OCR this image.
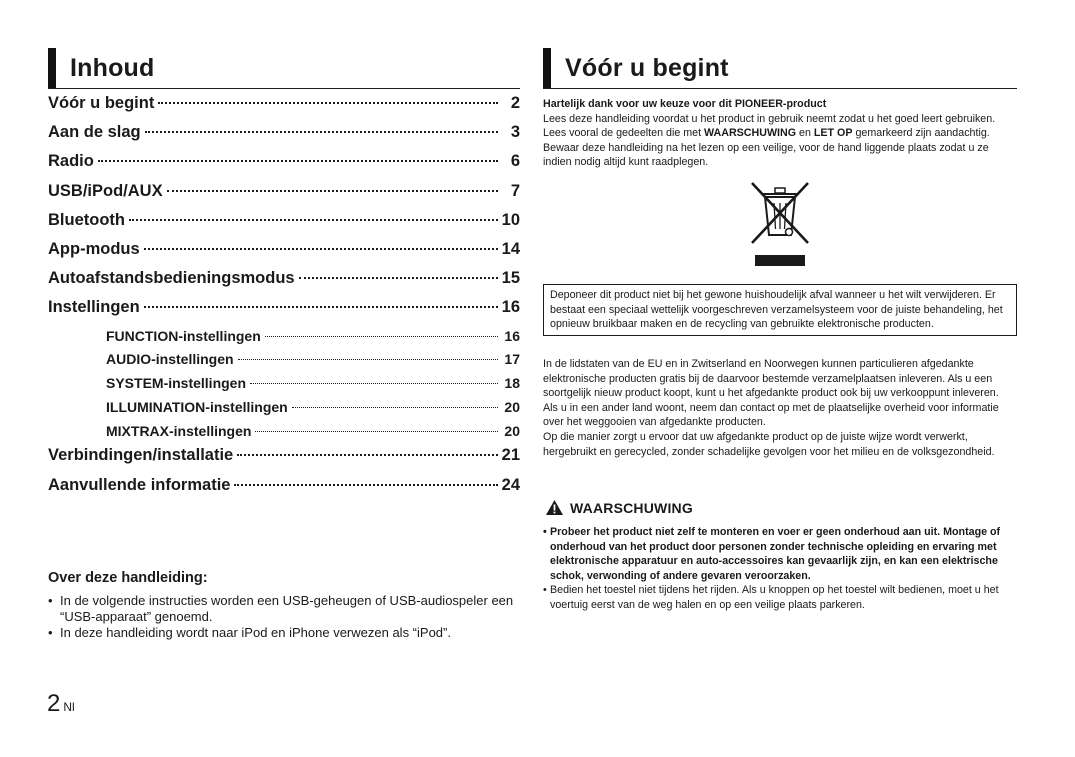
Inhoud
Vóór u begint	2
Aan de slag	3
Radio	6
USB/iPod/AUX	7
Bluetooth	10
App-modus	14
Autoafstandsbedieningsmodus	15
Instellingen	16
FUNCTION-instellingen	16
AUDIO-instellingen	17
SYSTEM-instellingen	18
ILLUMINATION-instellingen	20
MIXTRAX-instellingen	20
Verbindingen/installatie	21
Aanvullende informatie	24
Over deze handleiding:
• In de volgende instructies worden een USB-geheugen of USB-audiospeler een “USB-apparaat” genoemd.
• In deze handleiding wordt naar iPod en iPhone verwezen als “iPod”.
2 Nl
Vóór u begint

Hartelijk dank voor uw keuze voor dit PIONEER-product

Lees deze handleiding voordat u het product in gebruik neemt zodat u het goed leert gebruiken. Lees vooral de gedeelten die met WAARSCHUWING en LET OP gemarkeerd zijn aandachtig. Bewaar deze handleiding na het lezen op een veilige, voor de hand liggende plaats zodat u ze indien nodig altijd kunt raadplegen.

Deponeer dit product niet bij het gewone huishoudelijk afval wanneer u het wilt verwijderen. Er bestaat een speciaal wettelijk voorgeschreven verzamelsysteem voor de juiste behandeling, het opnieuw bruikbaar maken en de recycling van gebruikte elektronische producten.

In de lidstaten van de EU en in Zwitserland en Noorwegen kunnen particulieren afgedankte elektronische producten gratis bij de daarvoor bestemde verzamelplaatsen inleveren. Als u een soortgelijk nieuw product koopt, kunt u het afgedankte product ook bij uw verkooppunt inleveren.

Als u in een ander land woont, neem dan contact op met de plaatselijke overheid voor informatie over het weggooien van afgedankte producten.

Op die manier zorgt u ervoor dat uw afgedankte product op de juiste wijze wordt verwerkt, hergebruikt en gerecycled, zonder schadelijke gevolgen voor het milieu en de volksgezondheid.

WAARSCHUWING
• Probeer het product niet zelf te monteren en voer er geen onderhoud aan uit. Montage of onderhoud van het product door personen zonder technische opleiding en ervaring met elektronische apparatuur en auto-accessoires kan gevaarlijk zijn, en kan een elektrische schok, verwonding of andere gevaren veroorzaken.
• Bedien het toestel niet tijdens het rijden. Als u knoppen op het toestel wilt bedienen, moet u het voertuig eerst van de weg halen en op een veilige plaats parkeren.
